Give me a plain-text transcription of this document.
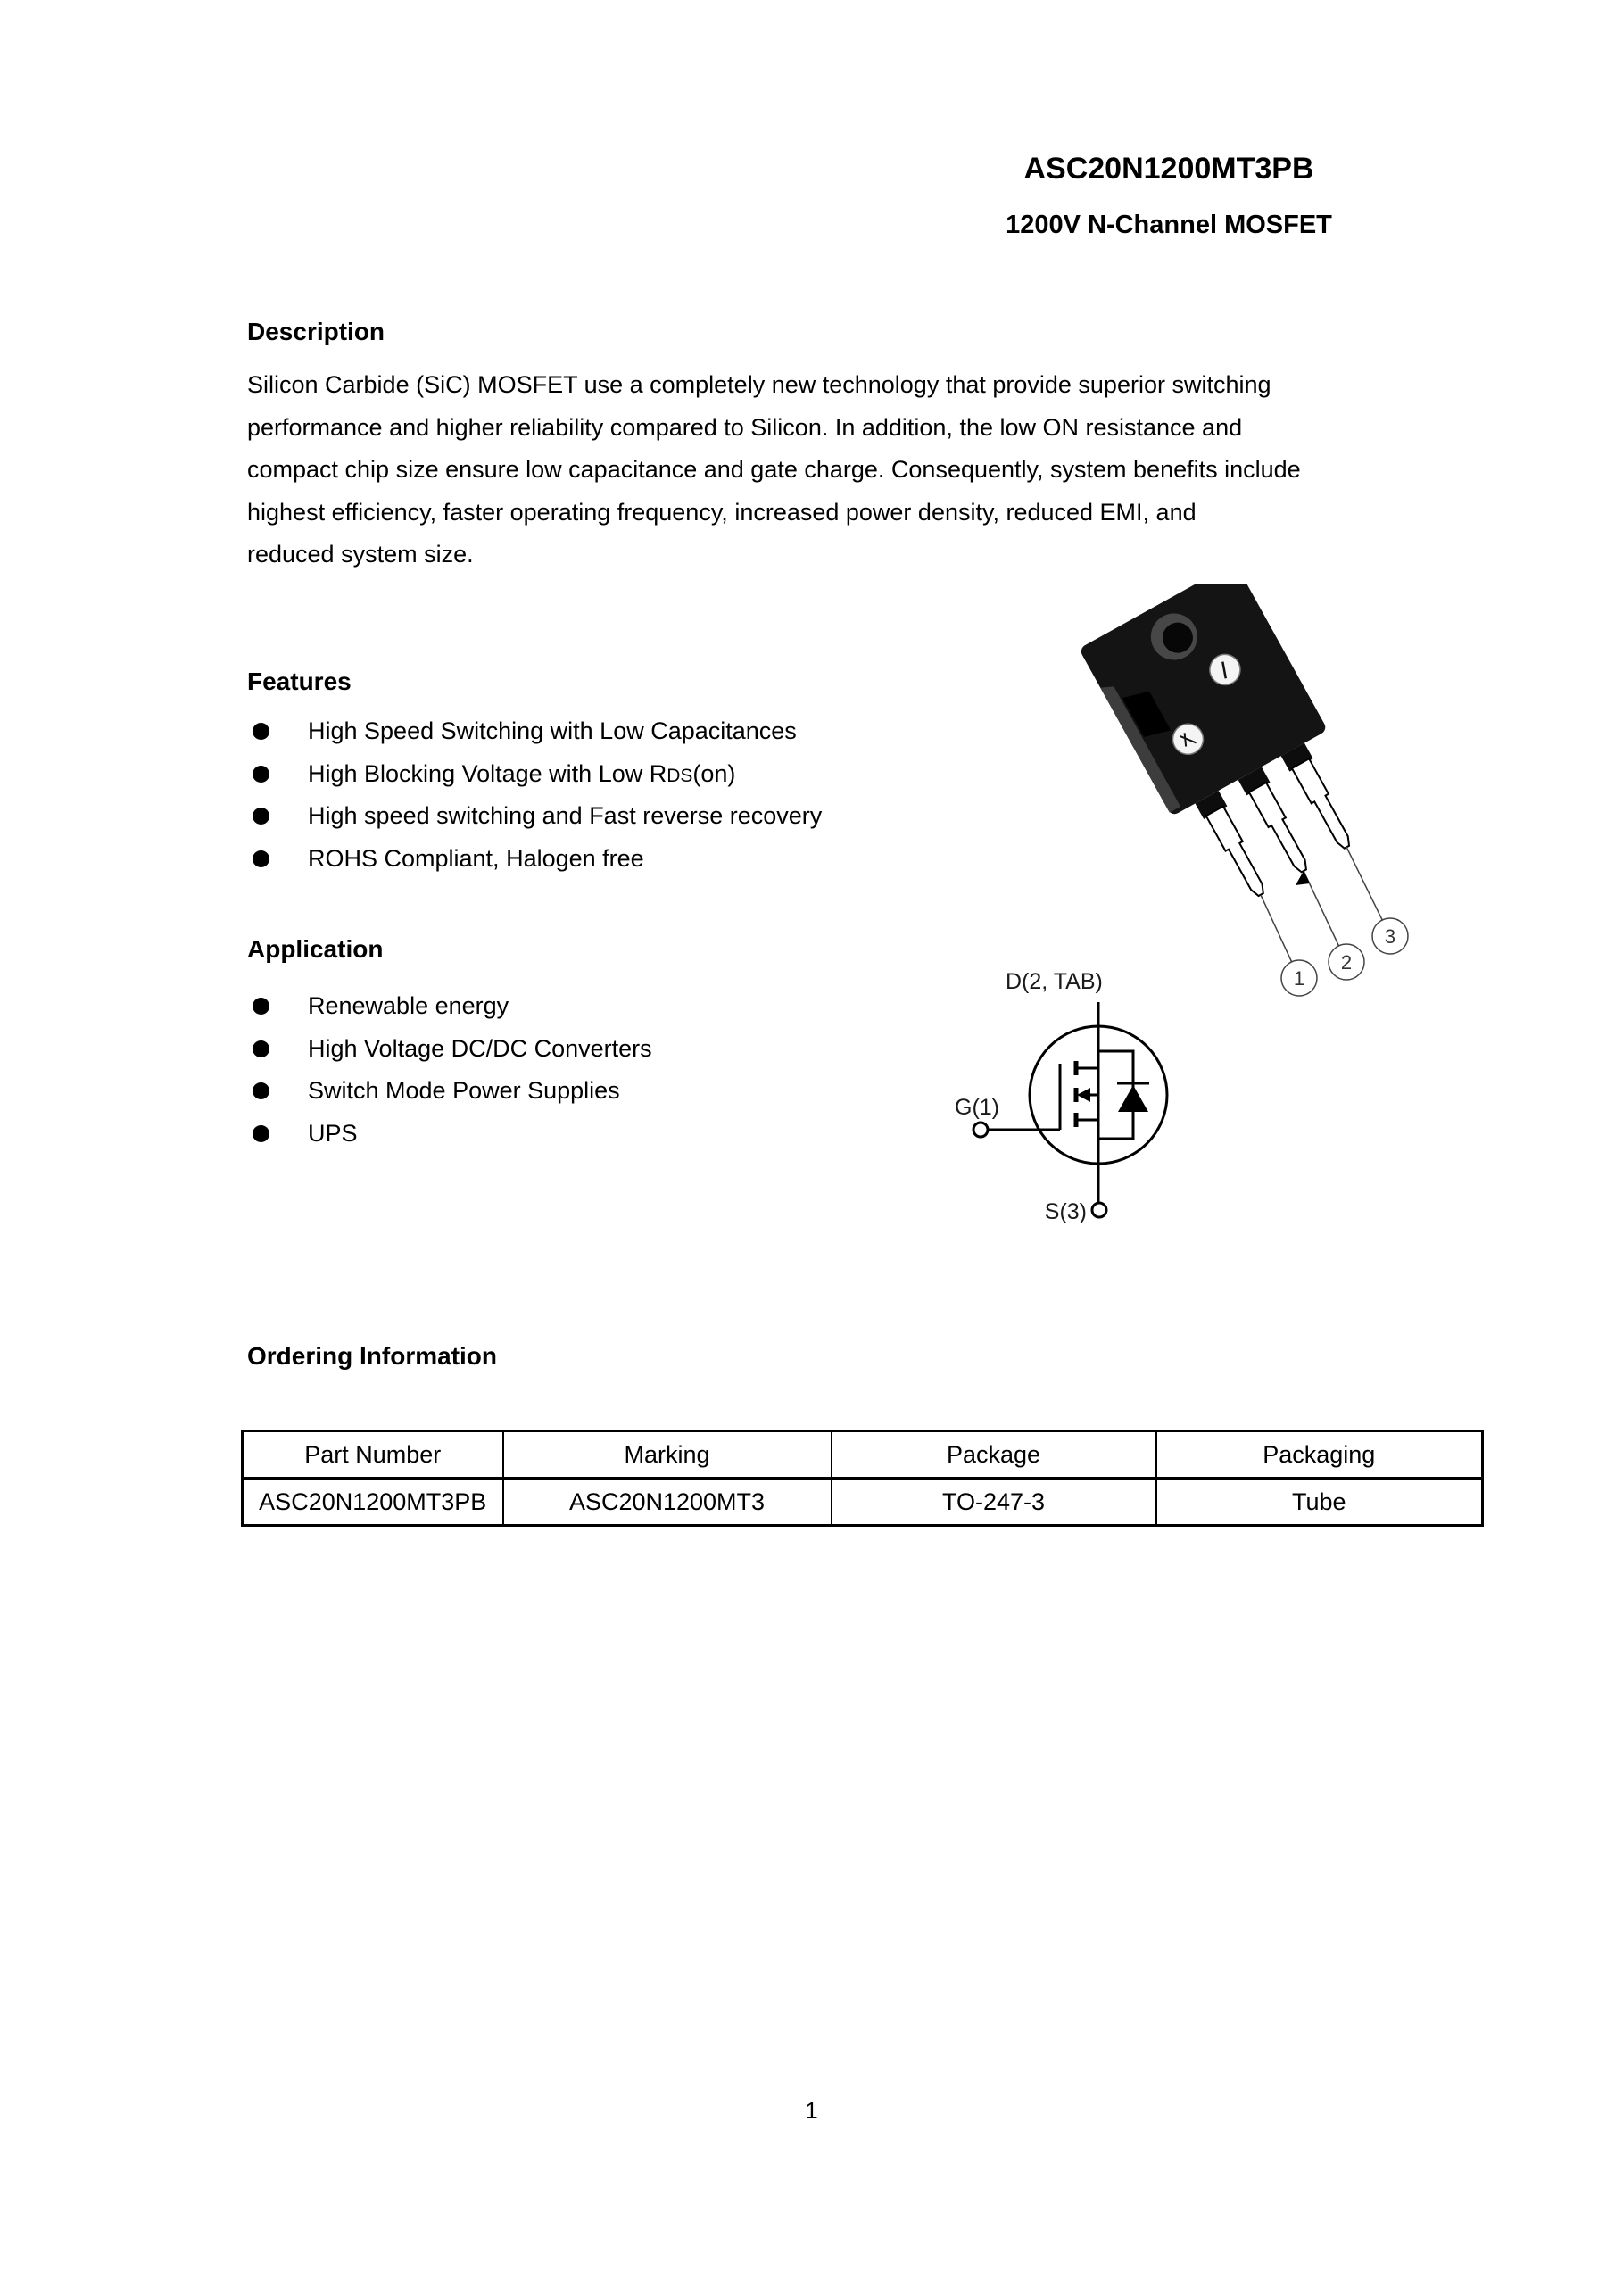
ASC20N1200MT3PB
1200V N-Channel MOSFET
Description
Silicon Carbide (SiC) MOSFET use a completely new technology that provide superior switching
performance and higher reliability compared to Silicon. In addition, the low ON resistance and
compact chip size ensure low capacitance and gate charge. Consequently, system benefits include
highest efficiency, faster operating frequency, increased power density, reduced EMI, and
reduced system size.
Features
High Speed Switching with Low Capacitances
High Blocking Voltage with Low RDS(on)
High speed switching and Fast reverse recovery
ROHS Compliant, Halogen free
Application
Renewable energy
High Voltage DC/DC Converters
Switch Mode Power Supplies
UPS
1
2
3
D(2, TAB)
G(1)
S(3)
Ordering Information
Part Number	Marking	Package	Packaging
ASC20N1200MT3PB	ASC20N1200MT3	TO-247-3	Tube
1
